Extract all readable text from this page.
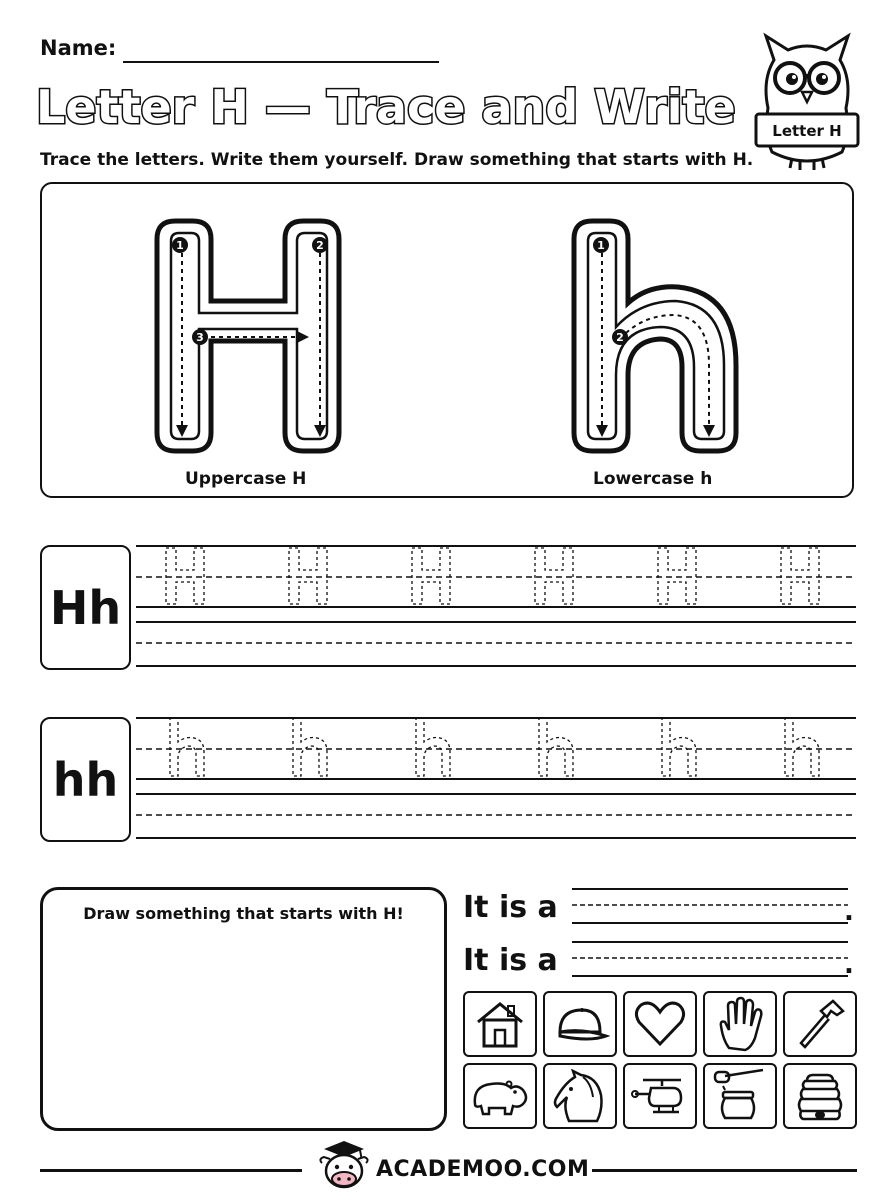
Name:
Letter H — Trace and Write
Trace the letters. Write them yourself. Draw something that starts with H.
Letter H
1	2
3
Uppercase H
1
2
Lowercase h
Hh
hh
Draw something that starts with H!	It is a	.
It is a	.
ACADEMOO.COM
